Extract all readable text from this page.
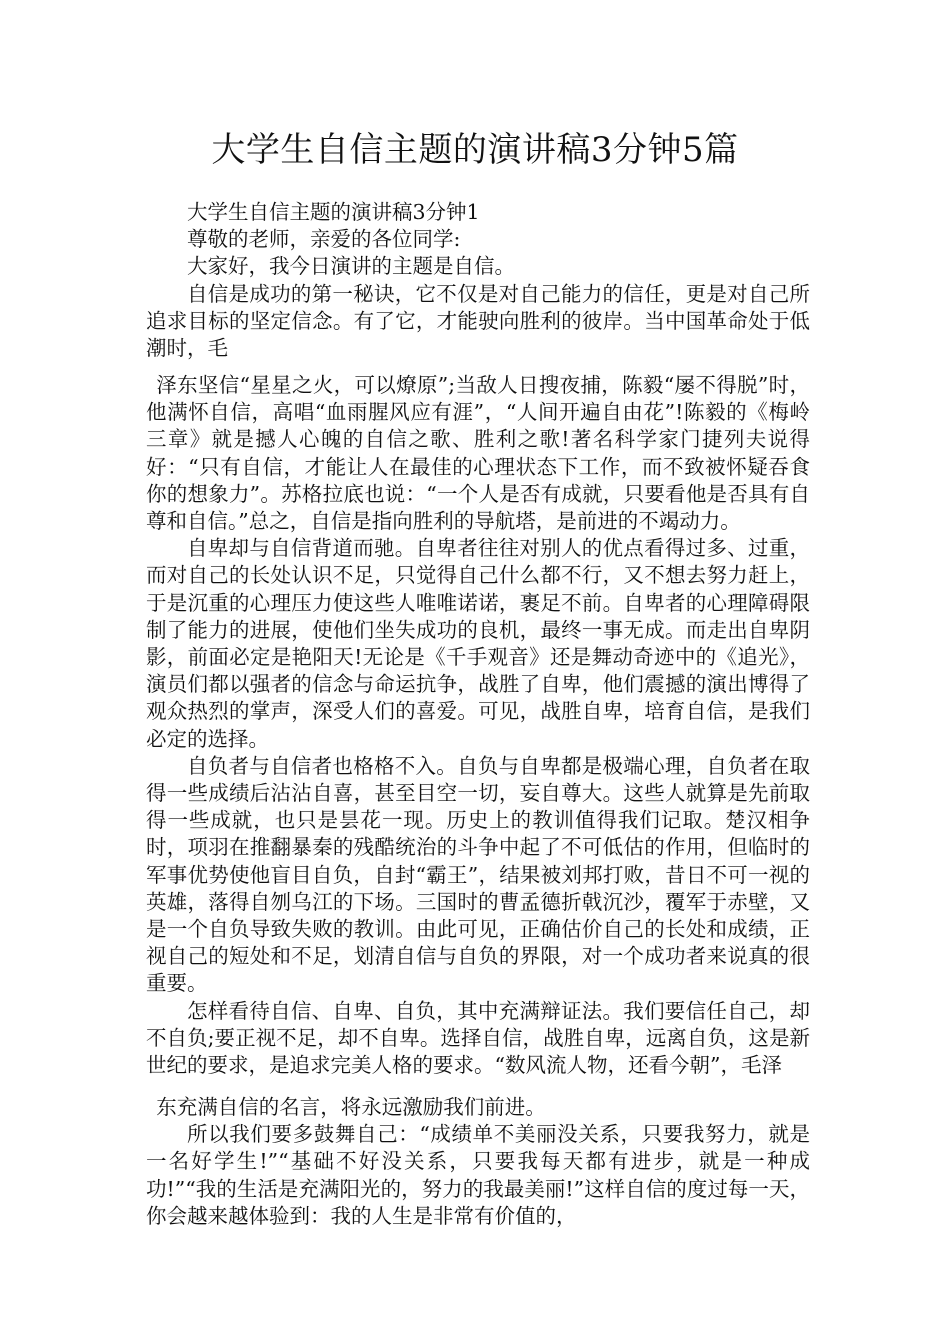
大学生自信主题的演讲稿3分钟5篇

大学生自信主题的演讲稿3分钟1

尊敬的老师，亲爱的各位同学:

大家好，我今日演讲的主题是自信。

自信是成功的第一秘诀，它不仅是对自己能力的信任，更是对自己所追求目标的坚定信念。有了它，才能驶向胜利的彼岸。当中国革命处于低潮时，毛

泽东坚信“星星之火，可以燎原”;当敌人日搜夜捕，陈毅“屡不得脱”时，他满怀自信，高唱“血雨腥风应有涯”，“人间开遍自由花”!陈毅的《梅岭三章》就是撼人心魄的自信之歌、胜利之歌!著名科学家门捷列夫说得好：“只有自信，才能让人在最佳的心理状态下工作，而不致被怀疑吞食你的想象力”。苏格拉底也说：“一个人是否有成就，只要看他是否具有自尊和自信。”总之，自信是指向胜利的导航塔，是前进的不竭动力。

自卑却与自信背道而驰。自卑者往往对别人的优点看得过多、过重，而对自己的长处认识不足，只觉得自己什么都不行，又不想去努力赶上，于是沉重的心理压力使这些人唯唯诺诺，裹足不前。自卑者的心理障碍限制了能力的进展，使他们坐失成功的良机，最终一事无成。而走出自卑阴影，前面必定是艳阳天!无论是《千手观音》还是舞动奇迹中的《追光》，演员们都以强者的信念与命运抗争，战胜了自卑，他们震撼的演出博得了观众热烈的掌声，深受人们的喜爱。可见，战胜自卑，培育自信，是我们必定的选择。

自负者与自信者也格格不入。自负与自卑都是极端心理，自负者在取得一些成绩后沾沾自喜，甚至目空一切，妄自尊大。这些人就算是先前取得一些成就，也只是昙花一现。历史上的教训值得我们记取。楚汉相争时，项羽在推翻暴秦的残酷统治的斗争中起了不可低估的作用，但临时的军事优势使他盲目自负，自封“霸王”，结果被刘邦打败，昔日不可一视的英雄，落得自刎乌江的下场。三国时的曹孟德折戟沉沙，覆军于赤壁，又是一个自负导致失败的教训。由此可见，正确估价自己的长处和成绩，正视自己的短处和不足，划清自信与自负的界限，对一个成功者来说真的很重要。

怎样看待自信、自卑、自负，其中充满辩证法。我们要信任自己，却不自负;要正视不足，却不自卑。选择自信，战胜自卑，远离自负，这是新世纪的要求，是追求完美人格的要求。“数风流人物，还看今朝”，毛泽

东充满自信的名言，将永远激励我们前进。

所以我们要多鼓舞自己：“成绩单不美丽没关系，只要我努力，就是一名好学生!”“基础不好没关系，只要我每天都有进步，就是一种成功!”“我的生活是充满阳光的，努力的我最美丽!”这样自信的度过每一天，你会越来越体验到：我的人生是非常有价值的，
